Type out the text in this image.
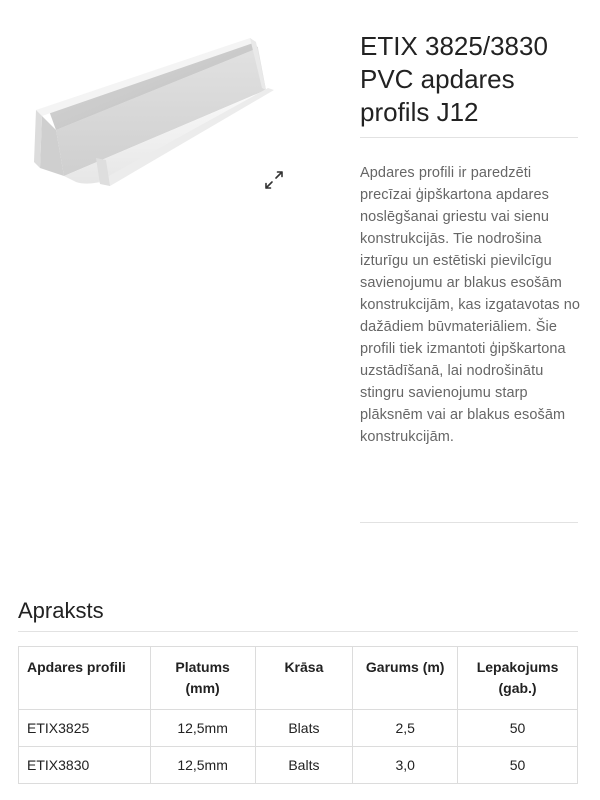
ETIX 3825/3830 PVC apdares profils J12

Apdares profili ir paredzēti precīzai ģipškartona apdares noslēgšanai griestu vai sienu konstrukcijās. Tie nodrošina izturīgu un estētiski pievilcīgu savienojumu ar blakus esošām konstrukcijām, kas izgatavotas no dažādiem būvmateriāliem. Šie profili tiek izmantoti ģipškartona uzstādīšanā, lai nodrošinātu stingru savienojumu starp plāksnēm vai ar blakus esošām konstrukcijām.

Apraksts
Apdares profili	Platums (mm)	Krāsa	Garums (m)	Lepakojums (gab.)
ETIX3825	12,5mm	Blats	2,5	50
ETIX3830	12,5mm	Balts	3,0	50
